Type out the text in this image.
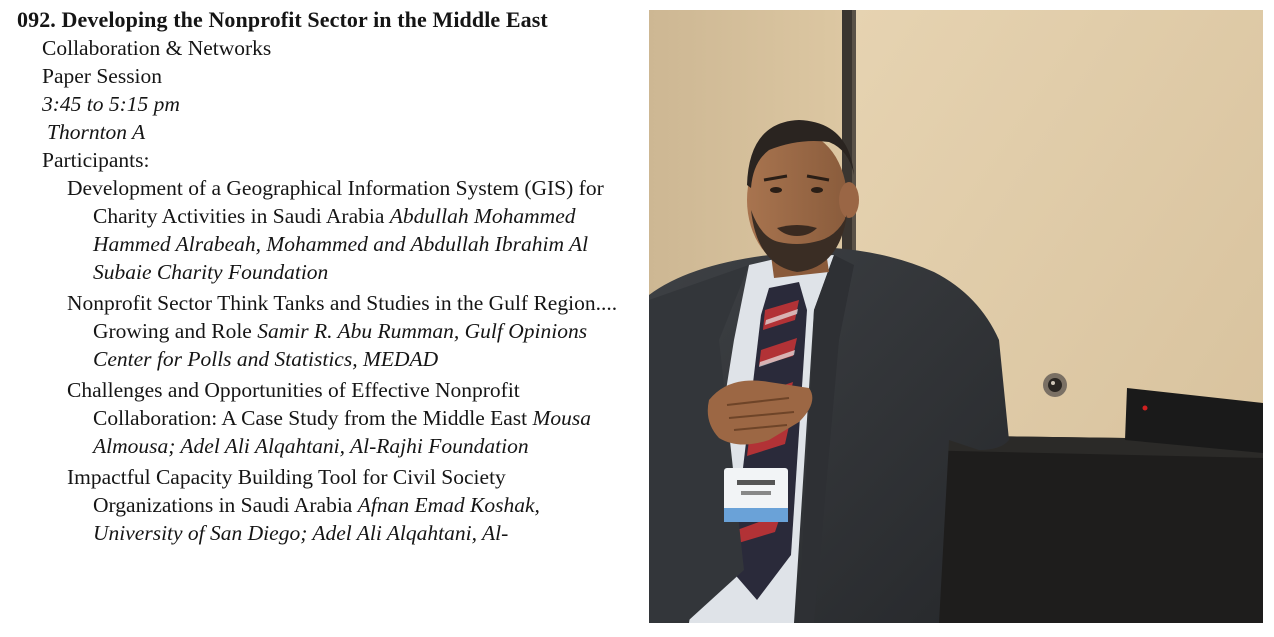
092. Developing the Nonprofit Sector in the Middle East
Collaboration & Networks
Paper Session
3:45 to 5:15 pm
Thornton A
Participants:
Development of a Geographical Information System (GIS) for Charity Activities in Saudi Arabia Abdullah Mohammed Hammed Alrabeah, Mohammed and Abdullah Ibrahim Al Subaie Charity Foundation
Nonprofit Sector Think Tanks and Studies in the Gulf Region.... Growing and Role Samir R. Abu Rumman, Gulf Opinions Center for Polls and Statistics, MEDAD
Challenges and Opportunities of Effective Nonprofit Collaboration: A Case Study from the Middle East Mousa Almousa; Adel Ali Alqahtani, Al-Rajhi Foundation
Impactful Capacity Building Tool for Civil Society Organizations in Saudi Arabia Afnan Emad Koshak, University of San Diego; Adel Ali Alqahtani, Al-
